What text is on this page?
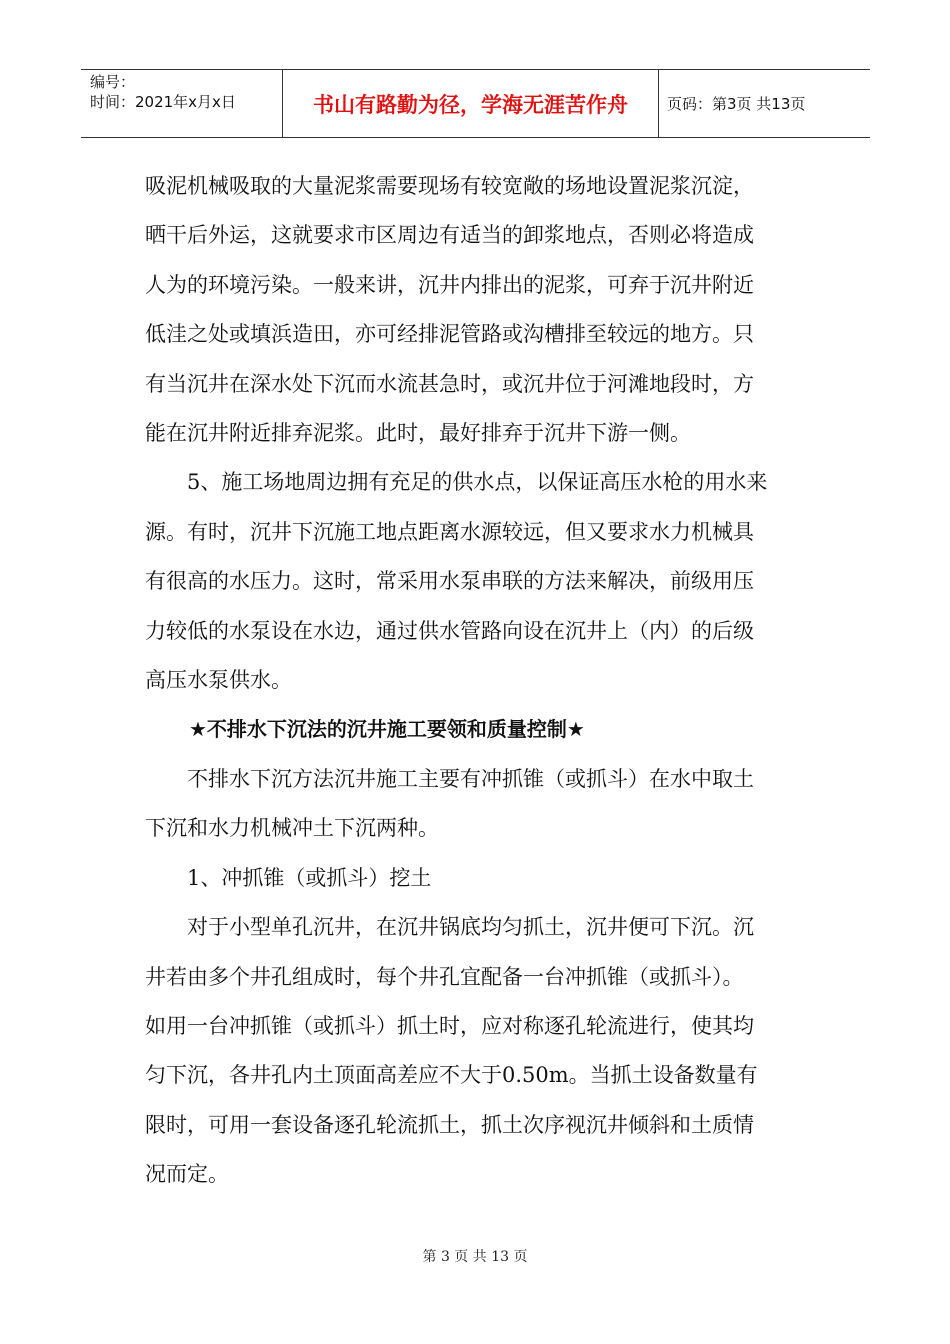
编号：
时间：2021年x月x日	书山有路勤为径，学海无涯苦作舟	页码：第3页 共13页
吸泥机械吸取的大量泥浆需要现场有较宽敞的场地设置泥浆沉淀，
晒干后外运，这就要求市区周边有适当的卸浆地点，否则必将造成
人为的环境污染。一般来讲，沉井内排出的泥浆，可弃于沉井附近
低洼之处或填浜造田，亦可经排泥管路或沟槽排至较远的地方。只
有当沉井在深水处下沉而水流甚急时，或沉井位于河滩地段时，方
能在沉井附近排弃泥浆。此时，最好排弃于沉井下游一侧。
　　5、施工场地周边拥有充足的供水点，以保证高压水枪的用水来
源。有时，沉井下沉施工地点距离水源较远，但又要求水力机械具
有很高的水压力。这时，常采用水泵串联的方法来解决，前级用压
力较低的水泵设在水边，通过供水管路向设在沉井上（内）的后级
高压水泵供水。
★不排水下沉法的沉井施工要领和质量控制★
　　不排水下沉方法沉井施工主要有冲抓锥（或抓斗）在水中取土
下沉和水力机械冲土下沉两种。
　　1、冲抓锥（或抓斗）挖土
　　对于小型单孔沉井，在沉井锅底均匀抓土，沉井便可下沉。沉
井若由多个井孔组成时，每个井孔宜配备一台冲抓锥（或抓斗）。
如用一台冲抓锥（或抓斗）抓土时，应对称逐孔轮流进行，使其均
匀下沉，各井孔内土顶面高差应不大于0.50m。当抓土设备数量有
限时，可用一套设备逐孔轮流抓土，抓土次序视沉井倾斜和土质情
况而定。
第 3 页 共 13 页
